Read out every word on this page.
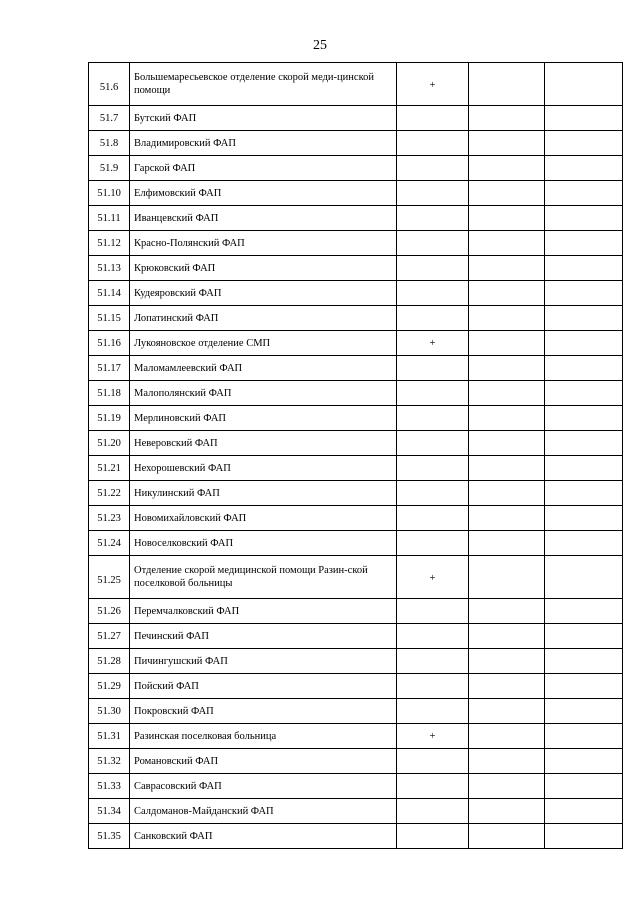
25
51.6	Большемаресьевское отделение скорой меди-цинской помощи	+		
51.7	Бутский ФАП			
51.8	Владимировский ФАП			
51.9	Гарской ФАП			
51.10	Елфимовский ФАП			
51.11	Иванцевский ФАП			
51.12	Красно-Полянский ФАП			
51.13	Крюковский ФАП			
51.14	Кудеяровский ФАП			
51.15	Лопатинский ФАП			
51.16	Лукояновское отделение СМП	+		
51.17	Маломамлеевский ФАП			
51.18	Малополянский ФАП			
51.19	Мерлиновский ФАП			
51.20	Неверовский ФАП			
51.21	Нехорошевский ФАП			
51.22	Никулинский ФАП			
51.23	Новомихайловский ФАП			
51.24	Новоселковский ФАП			
51.25	Отделение скорой медицинской помощи Разин-ской поселковой больницы	+		
51.26	Перемчалковский ФАП			
51.27	Печинский ФАП			
51.28	Пичингушский ФАП			
51.29	Пойский ФАП			
51.30	Покровский ФАП			
51.31	Разинская поселковая больница	+		
51.32	Романовский ФАП			
51.33	Саврасовский ФАП			
51.34	Салдоманов-Майданский ФАП			
51.35	Санковский ФАП			
